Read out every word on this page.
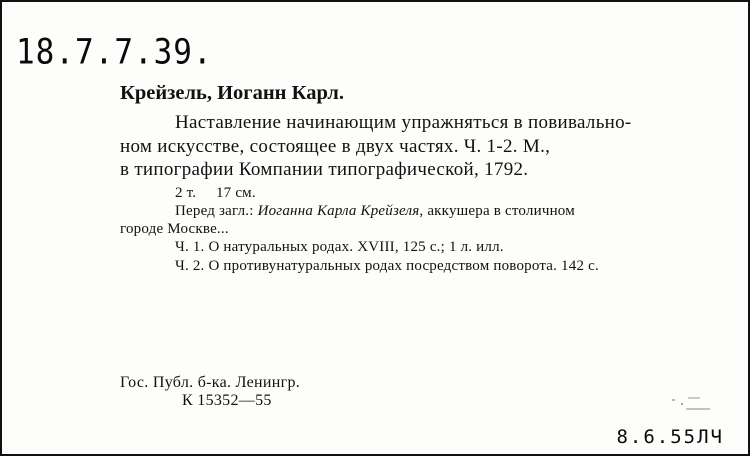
18.7.7.39.
Крейзель, Иоганн Карл.
Наставление начинающим упражняться в повивально-
ном искусстве, состоящее в двух частях. Ч. 1-2. М.,
в типографии Компании типографической, 1792.
2 т.     17 см.
Перед загл.: Иоганна Карла Крейзеля, аккушера в столичном
городе Москве...
Ч. 1. О натуральных родах. XVIII, 125 с.; 1 л. илл.
Ч. 2. О противунатуральных родах посредством поворота. 142 с.
Гос. Публ. б-ка. Ленингр.
К 15352—55
8.6.55ЛЧ
